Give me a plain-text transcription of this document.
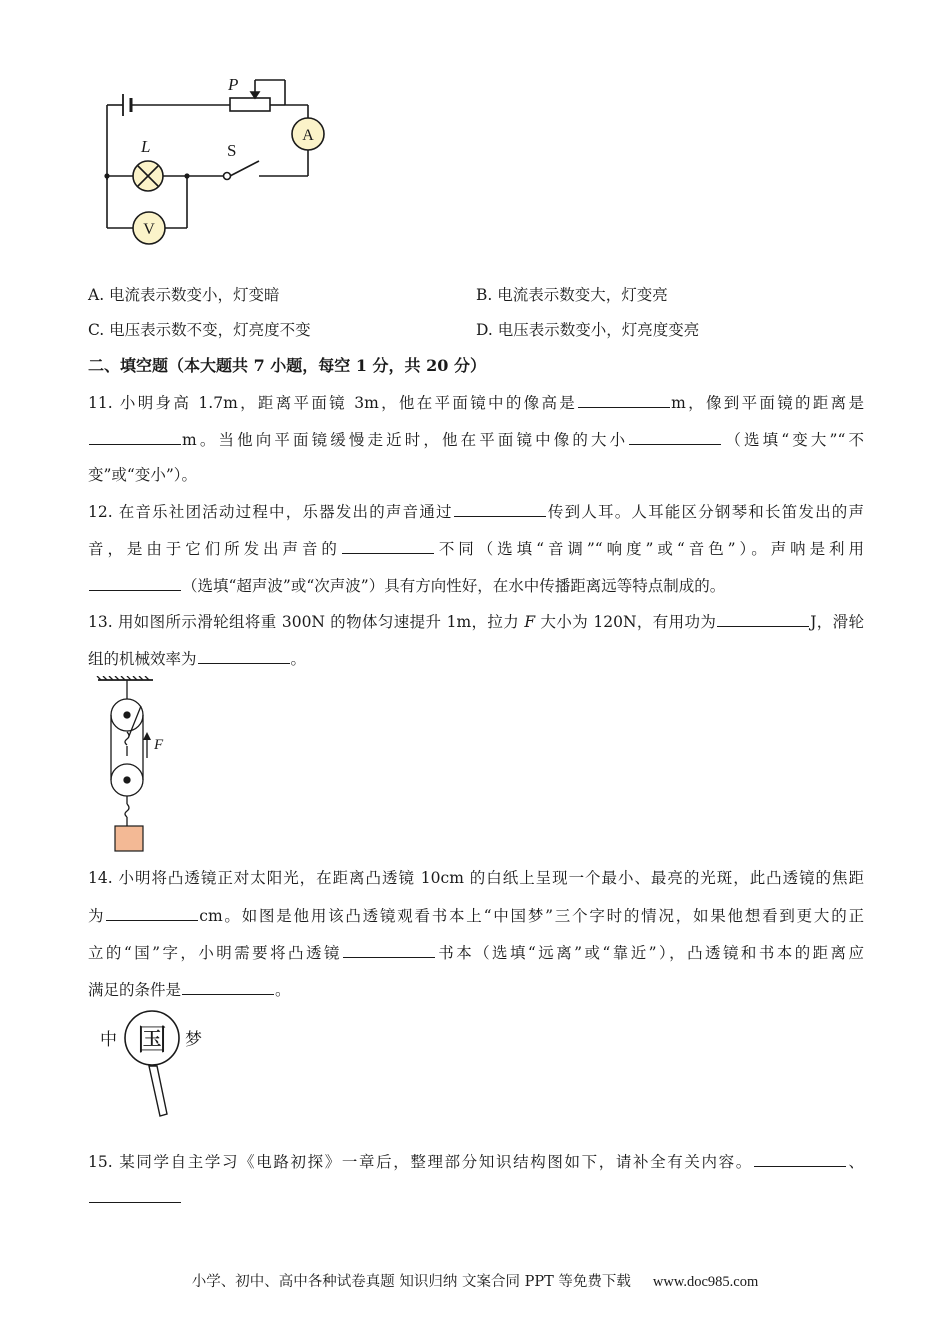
P
A
L	S
V
A. 电流表示数变小，灯变暗	B. 电流表示数变大，灯变亮
C. 电压表示数不变，灯亮度不变	D. 电压表示数变小，灯亮度变亮
二、填空题（本大题共 7 小题，每空 1 分，共 20 分）
11. 小明身高 1.7m，距离平面镜 3m，他在平面镜中的像高是	m，像到平面镜的距离是
m。当他向平面镜缓慢走近时，他在平面镜中像的大小	（选填“变大”“不
变”或“变小”）。
12. 在音乐社团活动过程中，乐器发出的声音通过	传到人耳。人耳能区分钢琴和长笛发出的声
音，是由于它们所发出声音的	不同（选填“音调”“响度”或“音色”）。声呐是利用
（选填“超声波”或“次声波”）具有方向性好，在水中传播距离远等特点制成的。
13. 用如图所示滑轮组将重 300N 的物体匀速提升 1m，拉力 F 大小为 120N，有用功为	J，滑轮
组的机械效率为	。
F
14. 小明将凸透镜正对太阳光，在距离凸透镜 10cm 的白纸上呈现一个最小、最亮的光斑，此凸透镜的焦距
为	cm。如图是他用该凸透镜观看书本上“中国梦”三个字时的情况，如果他想看到更大的正
立的“国”字，小明需要将凸透镜	书本（选填“远离”或“靠近”），凸透镜和书本的距离应
满足的条件是	。
中 国 梦
15. 某同学自主学习《电路初探》一章后，整理部分知识结构图如下，请补全有关内容。	、
小学、初中、高中各种试卷真题 知识归纳 文案合同 PPT 等免费下载 www.doc985.com
